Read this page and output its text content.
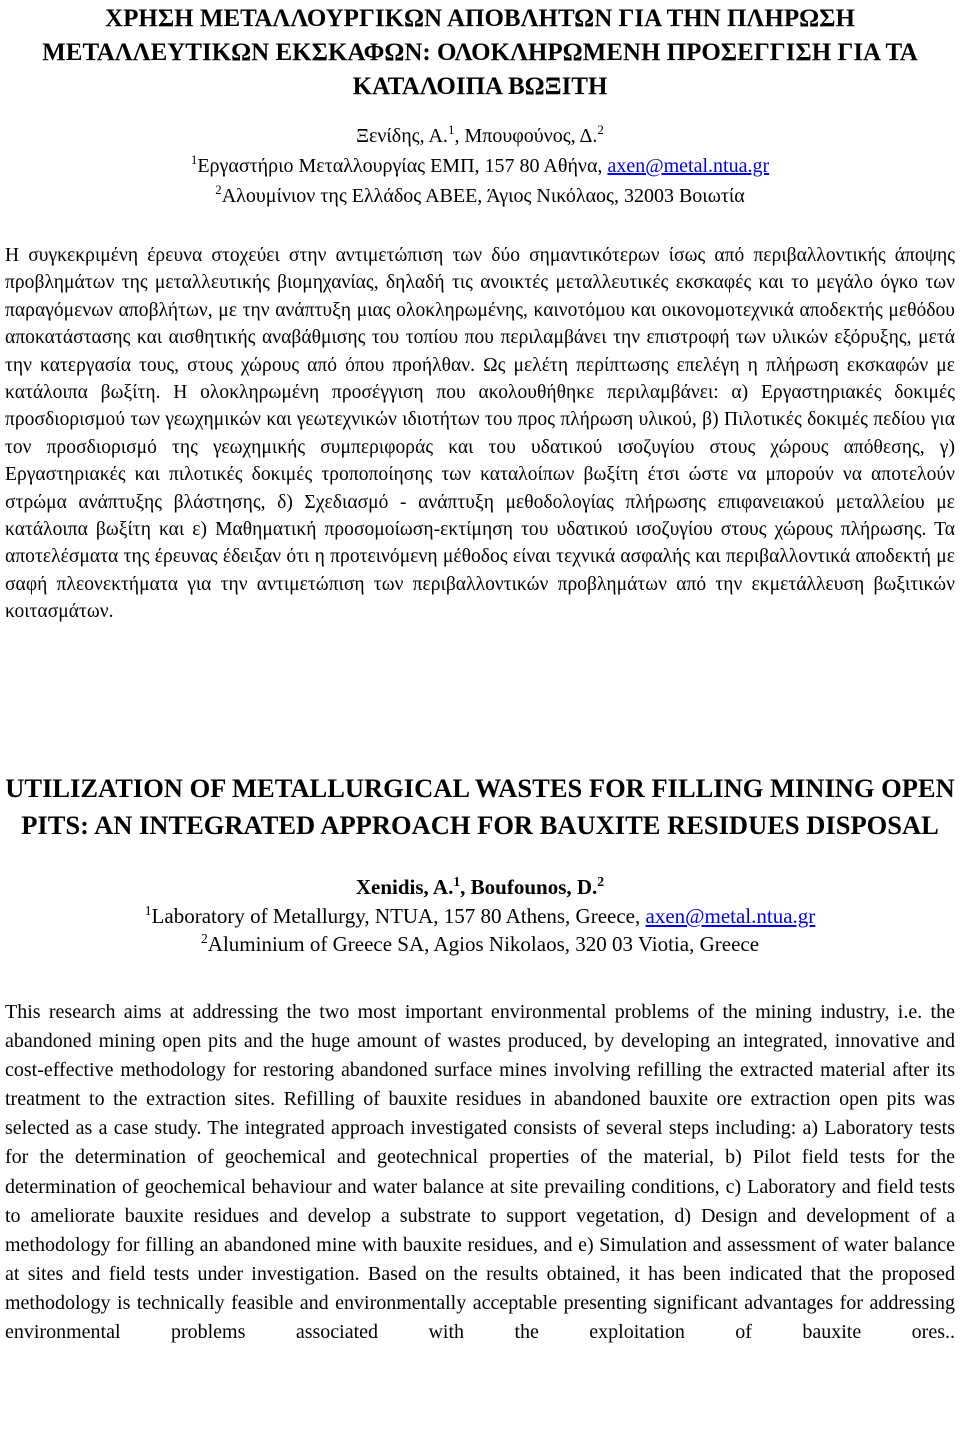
ΧΡΗΣΗ ΜΕΤΑΛΛΟΥΡΓΙΚΩΝ ΑΠΟΒΛΗΤΩΝ ΓΙΑ ΤΗΝ ΠΛΗΡΩΣΗ ΜΕΤΑΛΛΕΥΤΙΚΩΝ ΕΚΣΚΑΦΩΝ: ΟΛΟΚΛΗΡΩΜΕΝΗ ΠΡΟΣΕΓΓΙΣΗ ΓΙΑ ΤΑ ΚΑΤΑΛΟΙΠΑ ΒΩΞΙΤΗ

Ξενίδης, Α.$^1$, Μπουφούνος, Δ.$^2$

$^1$Εργαστήριο Μεταλλουργίας ΕΜΠ, 157 80 Αθήνα, axen@metal.ntua.gr

$^2$Αλουμίνιον της Ελλάδος ΑΒΕΕ, Άγιος Νικόλαος, 32003 Βοιωτία

Η συγκεκριμένη έρευνα στοχεύει στην αντιμετώπιση των δύο σημαντικότερων ίσως από περιβαλλοντικής άποψης προβλημάτων της μεταλλευτικής βιομηχανίας, δηλαδή τις ανοικτές μεταλλευτικές εκσκαφές και το μεγάλο όγκο των παραγόμενων αποβλήτων, με την ανάπτυξη μιας ολοκληρωμένης, καινοτόμου και οικονομοτεχνικά αποδεκτής μεθόδου αποκατάστασης και αισθητικής αναβάθμισης του τοπίου που περιλαμβάνει την επιστροφή των υλικών εξόρυξης, μετά την κατεργασία τους, στους χώρους από όπου προήλθαν. Ως μελέτη περίπτωσης επελέγη η πλήρωση εκσκαφών με κατάλοιπα βωξίτη. Η ολοκληρωμένη προσέγγιση που ακολουθήθηκε περιλαμβάνει: α) Εργαστηριακές δοκιμές προσδιορισμού των γεωχημικών και γεωτεχνικών ιδιοτήτων του προς πλήρωση υλικού, β) Πιλοτικές δοκιμές πεδίου για τον προσδιορισμό της γεωχημικής συμπεριφοράς και του υδατικού ισοζυγίου στους χώρους απόθεσης, γ) Εργαστηριακές και πιλοτικές δοκιμές τροποποίησης των καταλοίπων βωξίτη έτσι ώστε να μπορούν να αποτελούν στρώμα ανάπτυξης βλάστησης, δ) Σχεδιασμό - ανάπτυξη μεθοδολογίας πλήρωσης επιφανειακού μεταλλείου με κατάλοιπα βωξίτη και ε) Μαθηματική προσομοίωση-εκτίμηση του υδατικού ισοζυγίου στους χώρους πλήρωσης. Τα αποτελέσματα της έρευνας έδειξαν ότι η προτεινόμενη μέθοδος είναι τεχνικά ασφαλής και περιβαλλοντικά αποδεκτή με σαφή πλεονεκτήματα για την αντιμετώπιση των περιβαλλοντικών προβλημάτων από την εκμετάλλευση βωξιτικών κοιτασμάτων.

UTILIZATION OF METALLURGICAL WASTES FOR FILLING MINING OPEN PITS: AN INTEGRATED APPROACH FOR BAUXITE RESIDUES DISPOSAL

Xenidis, A.$^1$, Boufounos, D.$^2$

$^1$Laboratory of Metallurgy, NTUA, 157 80 Athens, Greece, axen@metal.ntua.gr

$^2$Aluminium of Greece SA, Agios Nikolaos, 320 03 Viotia, Greece

This research aims at addressing the two most important environmental problems of the mining industry, i.e. the abandoned mining open pits and the huge amount of wastes produced, by developing an integrated, innovative and cost-effective methodology for restoring abandoned surface mines involving refilling the extracted material after its treatment to the extraction sites. Refilling of bauxite residues in abandoned bauxite ore extraction open pits was selected as a case study. The integrated approach investigated consists of several steps including: a) Laboratory tests for the determination of geochemical and geotechnical properties of the material, b) Pilot field tests for the determination of geochemical behaviour and water balance at site prevailing conditions, c) Laboratory and field tests to ameliorate bauxite residues and develop a substrate to support vegetation, d) Design and development of a methodology for filling an abandoned mine with bauxite residues, and e) Simulation and assessment of water balance at sites and field tests under investigation. Based on the results obtained, it has been indicated that the proposed methodology is technically feasible and environmentally acceptable presenting significant advantages for addressing environmental problems associated with the exploitation of bauxite ores..
